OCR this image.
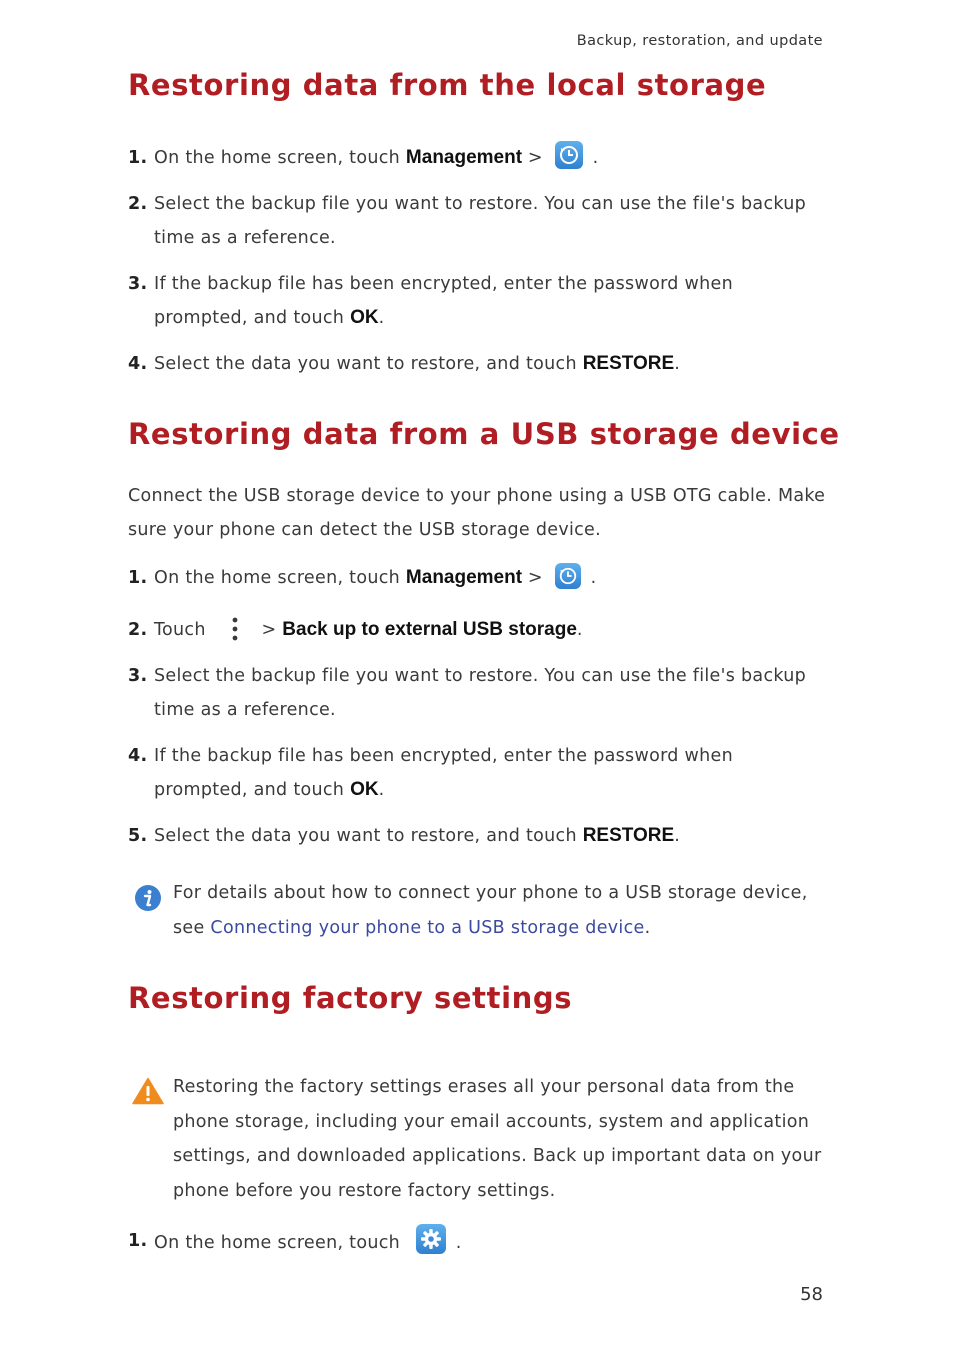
Backup, restoration, and update
Restoring data from the local storage
1. On the home screen, touch Management >
.
2. Select the backup file you want to restore. You can use the file's backup time as a reference.
3. If the backup file has been encrypted, enter the password when prompted, and touch OK.
4. Select the data you want to restore, and touch RESTORE.
Restoring data from a USB storage device
Connect the USB storage device to your phone using a USB OTG cable. Make sure your phone can detect the USB storage device.
1. On the home screen, touch Management >
.
2. Touch	> Back up to external USB storage.
3. Select the backup file you want to restore. You can use the file's backup time as a reference.
4. If the backup file has been encrypted, enter the password when prompted, and touch OK.
5. Select the data you want to restore, and touch RESTORE.
For details about how to connect your phone to a USB storage device, see Connecting your phone to a USB storage device.
Restoring factory settings
Restoring the factory settings erases all your personal data from the phone storage, including your email accounts, system and application settings, and downloaded applications. Back up important data on your phone before you restore factory settings.
1. On the home screen, touch	.
58
